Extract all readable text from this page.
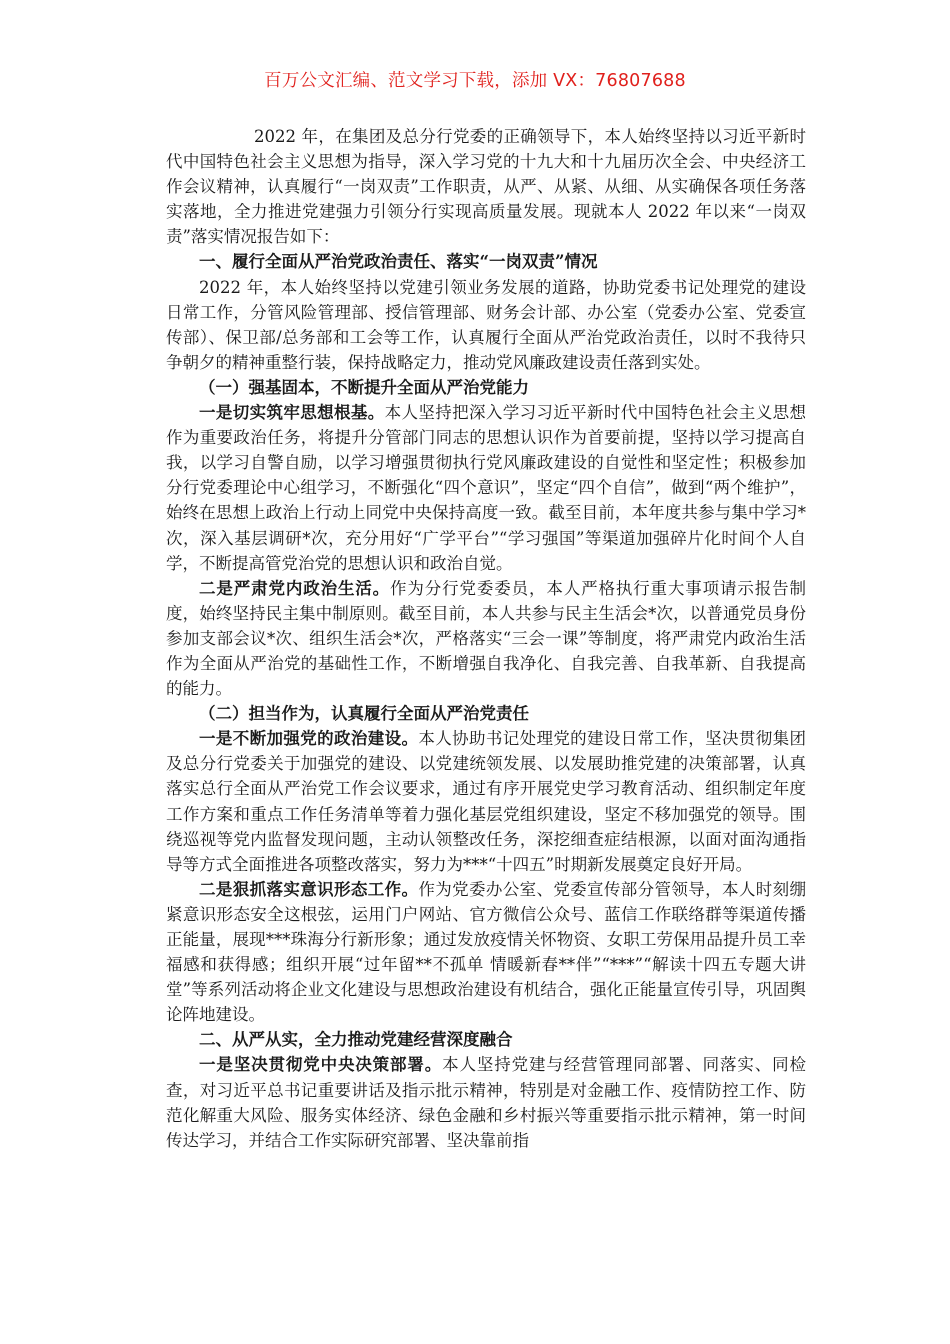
百万公文汇编、范文学习下载，添加 VX：76807688

2022 年，在集团及总分行党委的正确领导下，本人始终坚持以习近平新时代中国特色社会主义思想为指导，深入学习党的十九大和十九届历次全会、中央经济工作会议精神，认真履行“一岗双责”工作职责，从严、从紧、从细、从实确保各项任务落实落地，全力推进党建强力引领分行实现高质量发展。现就本人 2022 年以来“一岗双责”落实情况报告如下：

一、履行全面从严治党政治责任、落实“一岗双责”情况

2022 年，本人始终坚持以党建引领业务发展的道路，协助党委书记处理党的建设日常工作，分管风险管理部、授信管理部、财务会计部、办公室（党委办公室、党委宣传部）、保卫部/总务部和工会等工作，认真履行全面从严治党政治责任，以时不我待只争朝夕的精神重整行装，保持战略定力，推动党风廉政建设责任落到实处。

（一）强基固本，不断提升全面从严治党能力

一是切实筑牢思想根基。本人坚持把深入学习习近平新时代中国特色社会主义思想作为重要政治任务，将提升分管部门同志的思想认识作为首要前提，坚持以学习提高自我，以学习自警自励，以学习增强贯彻执行党风廉政建设的自觉性和坚定性；积极参加分行党委理论中心组学习，不断强化“四个意识”，坚定“四个自信”，做到“两个维护”，始终在思想上政治上行动上同党中央保持高度一致。截至目前，本年度共参与集中学习*次，深入基层调研*次，充分用好“广学平台”“学习强国”等渠道加强碎片化时间个人自学，不断提高管党治党的思想认识和政治自觉。

二是严肃党内政治生活。作为分行党委委员，本人严格执行重大事项请示报告制度，始终坚持民主集中制原则。截至目前，本人共参与民主生活会*次，以普通党员身份参加支部会议*次、组织生活会*次，严格落实“三会一课”等制度，将严肃党内政治生活作为全面从严治党的基础性工作，不断增强自我净化、自我完善、自我革新、自我提高的能力。

（二）担当作为，认真履行全面从严治党责任

一是不断加强党的政治建设。本人协助书记处理党的建设日常工作，坚决贯彻集团及总分行党委关于加强党的建设、以党建统领发展、以发展助推党建的决策部署，认真落实总行全面从严治党工作会议要求，通过有序开展党史学习教育活动、组织制定年度工作方案和重点工作任务清单等着力强化基层党组织建设，坚定不移加强党的领导。围绕巡视等党内监督发现问题，主动认领整改任务，深挖细查症结根源，以面对面沟通指导等方式全面推进各项整改落实，努力为***“十四五”时期新发展奠定良好开局。

二是狠抓落实意识形态工作。作为党委办公室、党委宣传部分管领导，本人时刻绷紧意识形态安全这根弦，运用门户网站、官方微信公众号、蓝信工作联络群等渠道传播正能量，展现***珠海分行新形象；通过发放疫情关怀物资、女职工劳保用品提升员工幸福感和获得感；组织开展“过年留**不孤单 情暖新春**伴”“***”“解读十四五专题大讲堂”等系列活动将企业文化建设与思想政治建设有机结合，强化正能量宣传引导，巩固舆论阵地建设。

二、从严从实，全力推动党建经营深度融合

一是坚决贯彻党中央决策部署。本人坚持党建与经营管理同部署、同落实、同检查，对习近平总书记重要讲话及指示批示精神，特别是对金融工作、疫情防控工作、防范化解重大风险、服务实体经济、绿色金融和乡村振兴等重要指示批示精神，第一时间传达学习，并结合工作实际研究部署、坚决靠前指
